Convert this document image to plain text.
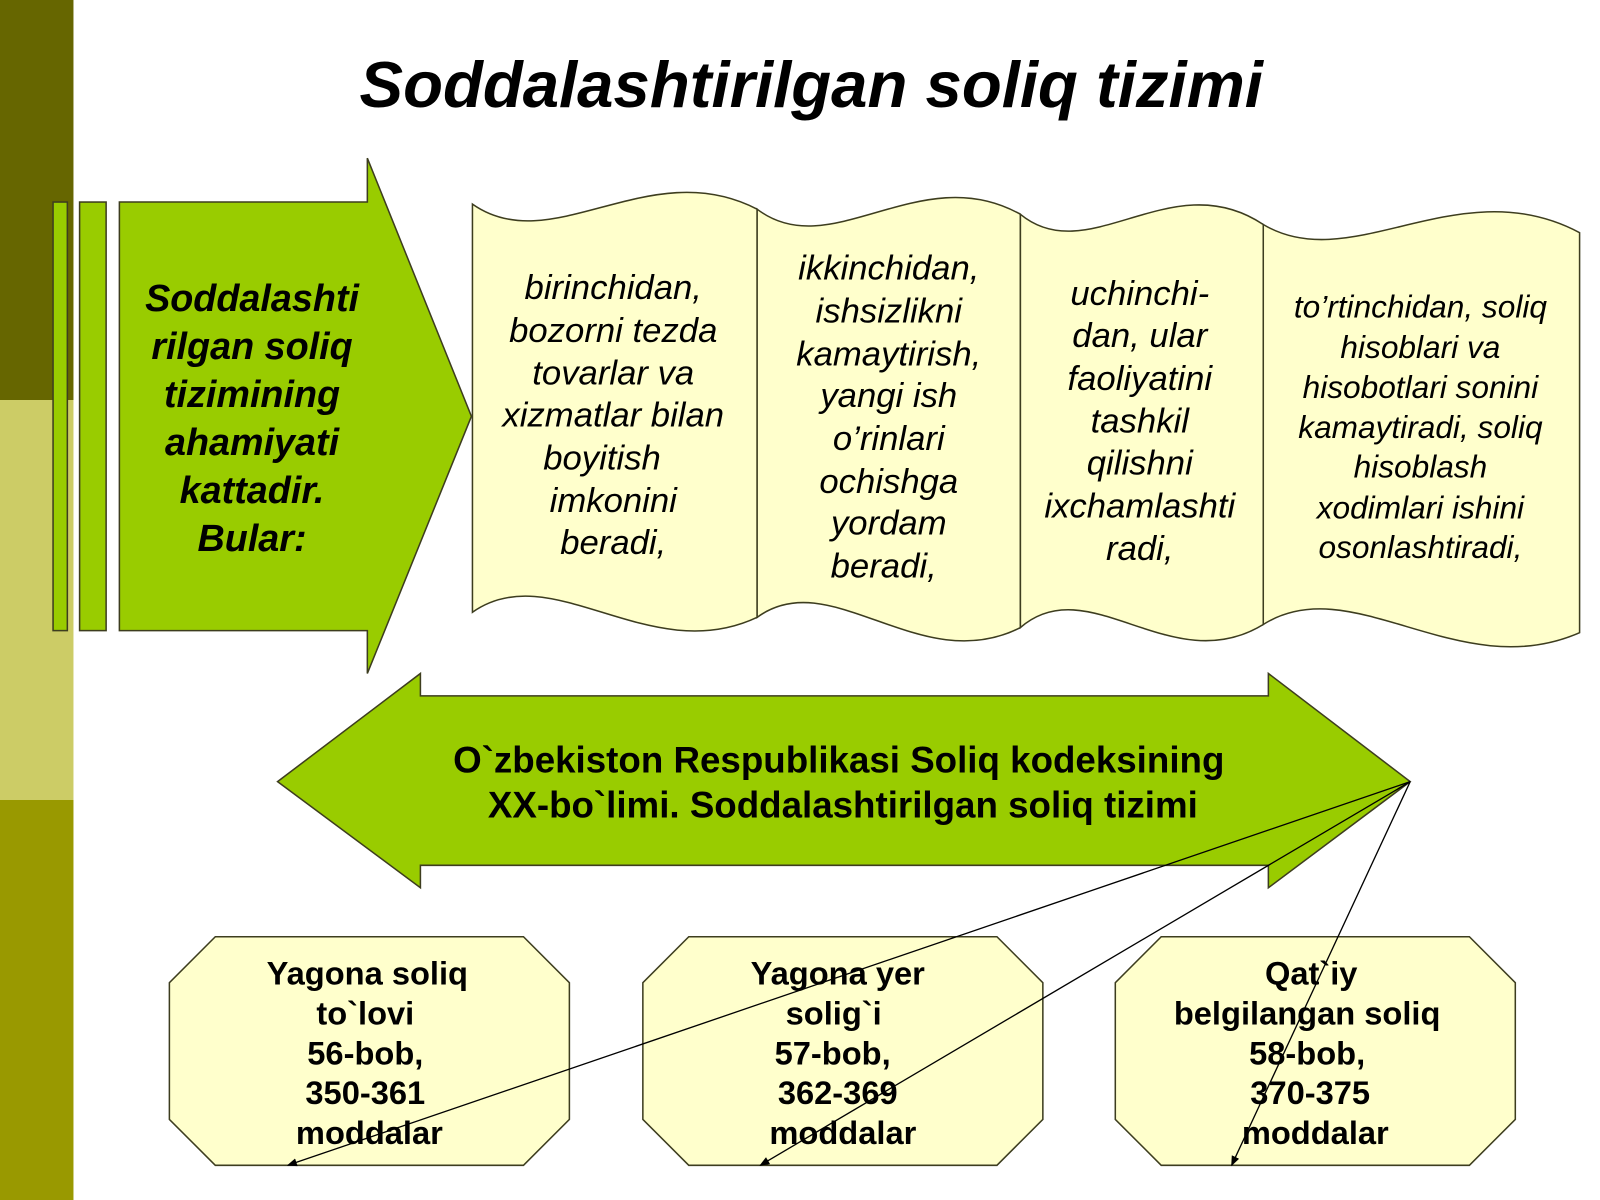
Soddalashtirilgan soliq tizimi
Soddalashti
rilgan soliq
tizimining
ahamiyati
kattadir.
Bular:
birinchidan,
bozorni tezda
tovarlar va
xizmatlar bilan
boyitish
imkonini
beradi,
ikkinchidan,
ishsizlikni
kamaytirish,
yangi ish
o’rinlari
ochishga
yordam
beradi,
uchinchi-
dan, ular
faoliyatini
tashkil
qilishni
ixchamlashti
radi,
to’rtinchidan, soliq
hisoblari va
hisobotlari sonini
kamaytiradi, soliq
hisoblash
xodimlari ishini
osonlashtiradi,
O`zbekiston Respublikasi Soliq kodeksining
XX-bo`limi. Soddalashtirilgan soliq tizimi
Yagona soliq
to`lovi
56-bob,
350-361
moddalar
Yagona yer
solig`i
57-bob,
362-369
moddalar
Qat`iy
belgilangan soliq
58-bob,
370-375
moddalar
